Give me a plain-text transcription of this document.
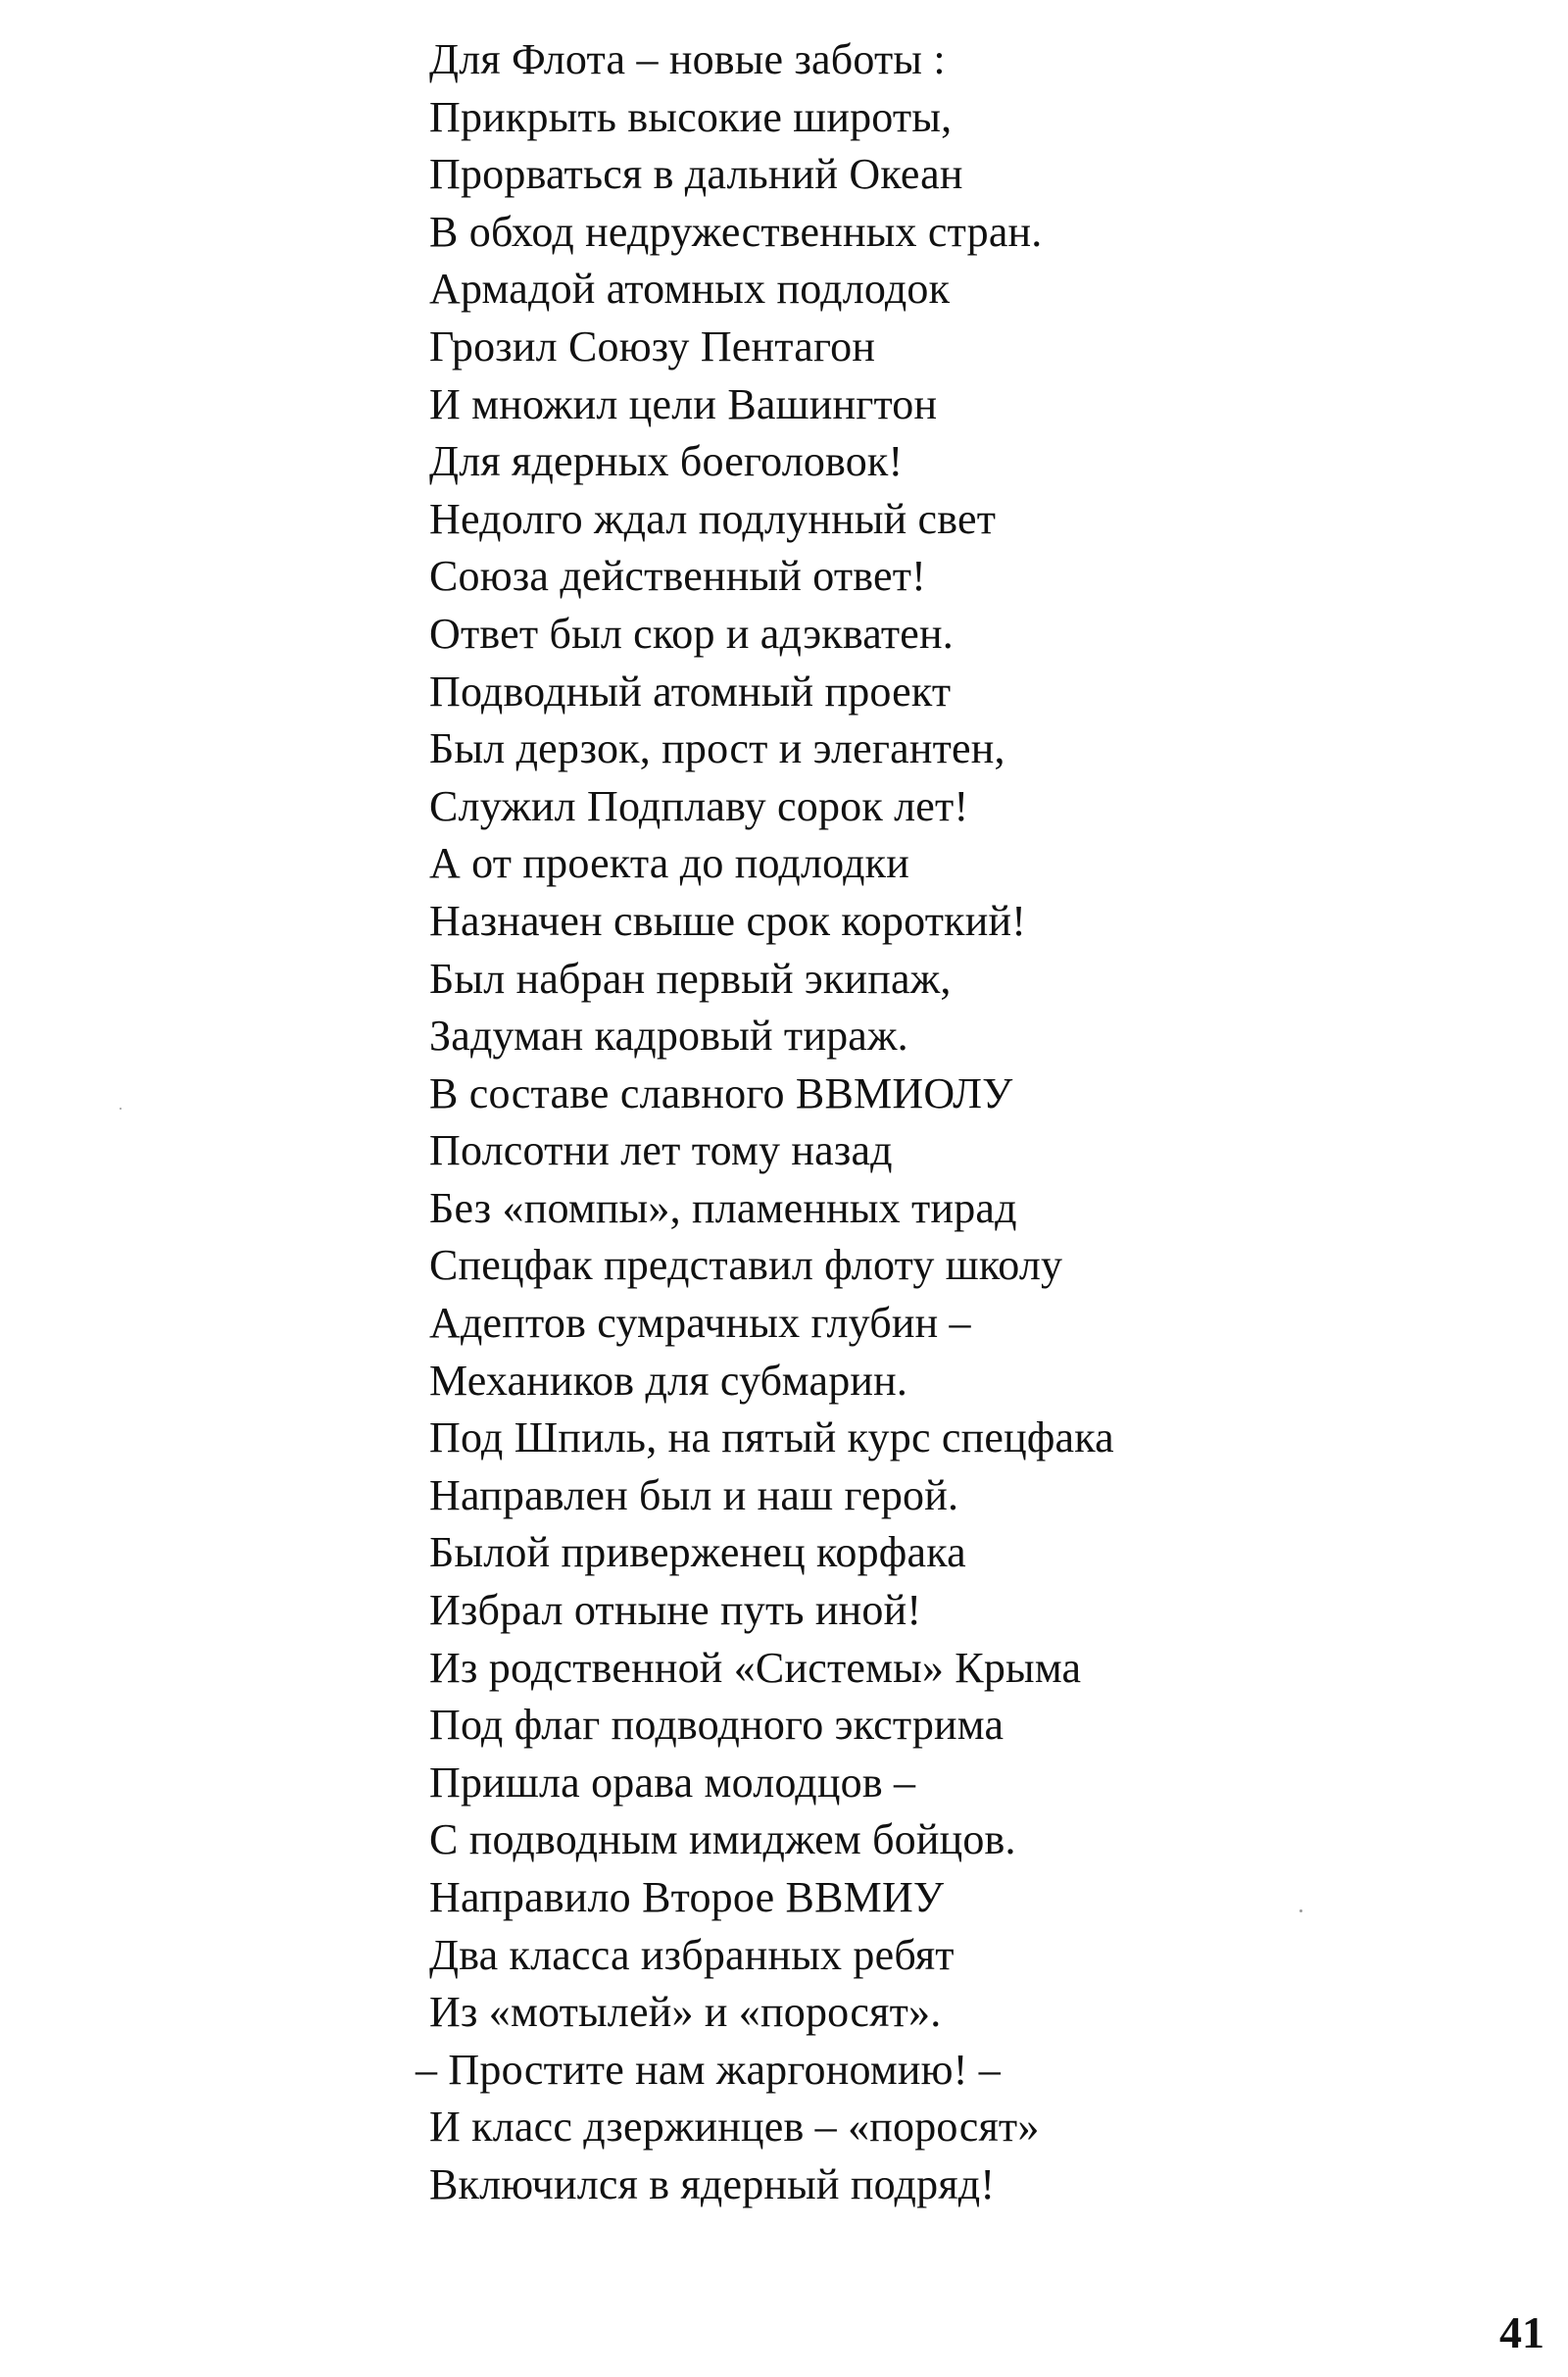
Для Флота – новые заботы :
Прикрыть высокие широты,
Прорваться в дальний Океан
В обход недружественных стран.
Армадой атомных подлодок
Грозил Союзу Пентагон
И множил цели Вашингтон
Для ядерных боеголовок!
Недолго ждал подлунный свет
Союза действенный ответ!
Ответ был скор и адэкватен.
Подводный атомный проект
Был дерзок, прост и элегантен,
Служил Подплаву сорок лет!
А от проекта до подлодки
Назначен свыше срок короткий!
Был набран первый экипаж,
Задуман кадровый тираж.
В составе славного ВВМИОЛУ
Полсотни лет тому назад
Без «помпы», пламенных тирад
Спецфак представил флоту школу
Адептов сумрачных глубин –
Механиков для субмарин.
Под Шпиль, на пятый курс спецфака
Направлен был и наш герой.
Былой приверженец корфака
Избрал отныне путь иной!
Из родственной «Системы» Крыма
Под флаг подводного экстрима
Пришла орава молодцов –
С подводным имиджем бойцов.
Направило Второе ВВМИУ
Два класса избранных ребят
Из «мотылей» и «поросят».
– Простите нам жаргономию! –
И класс дзержинцев – «поросят»
Включился в ядерный подряд!
41
